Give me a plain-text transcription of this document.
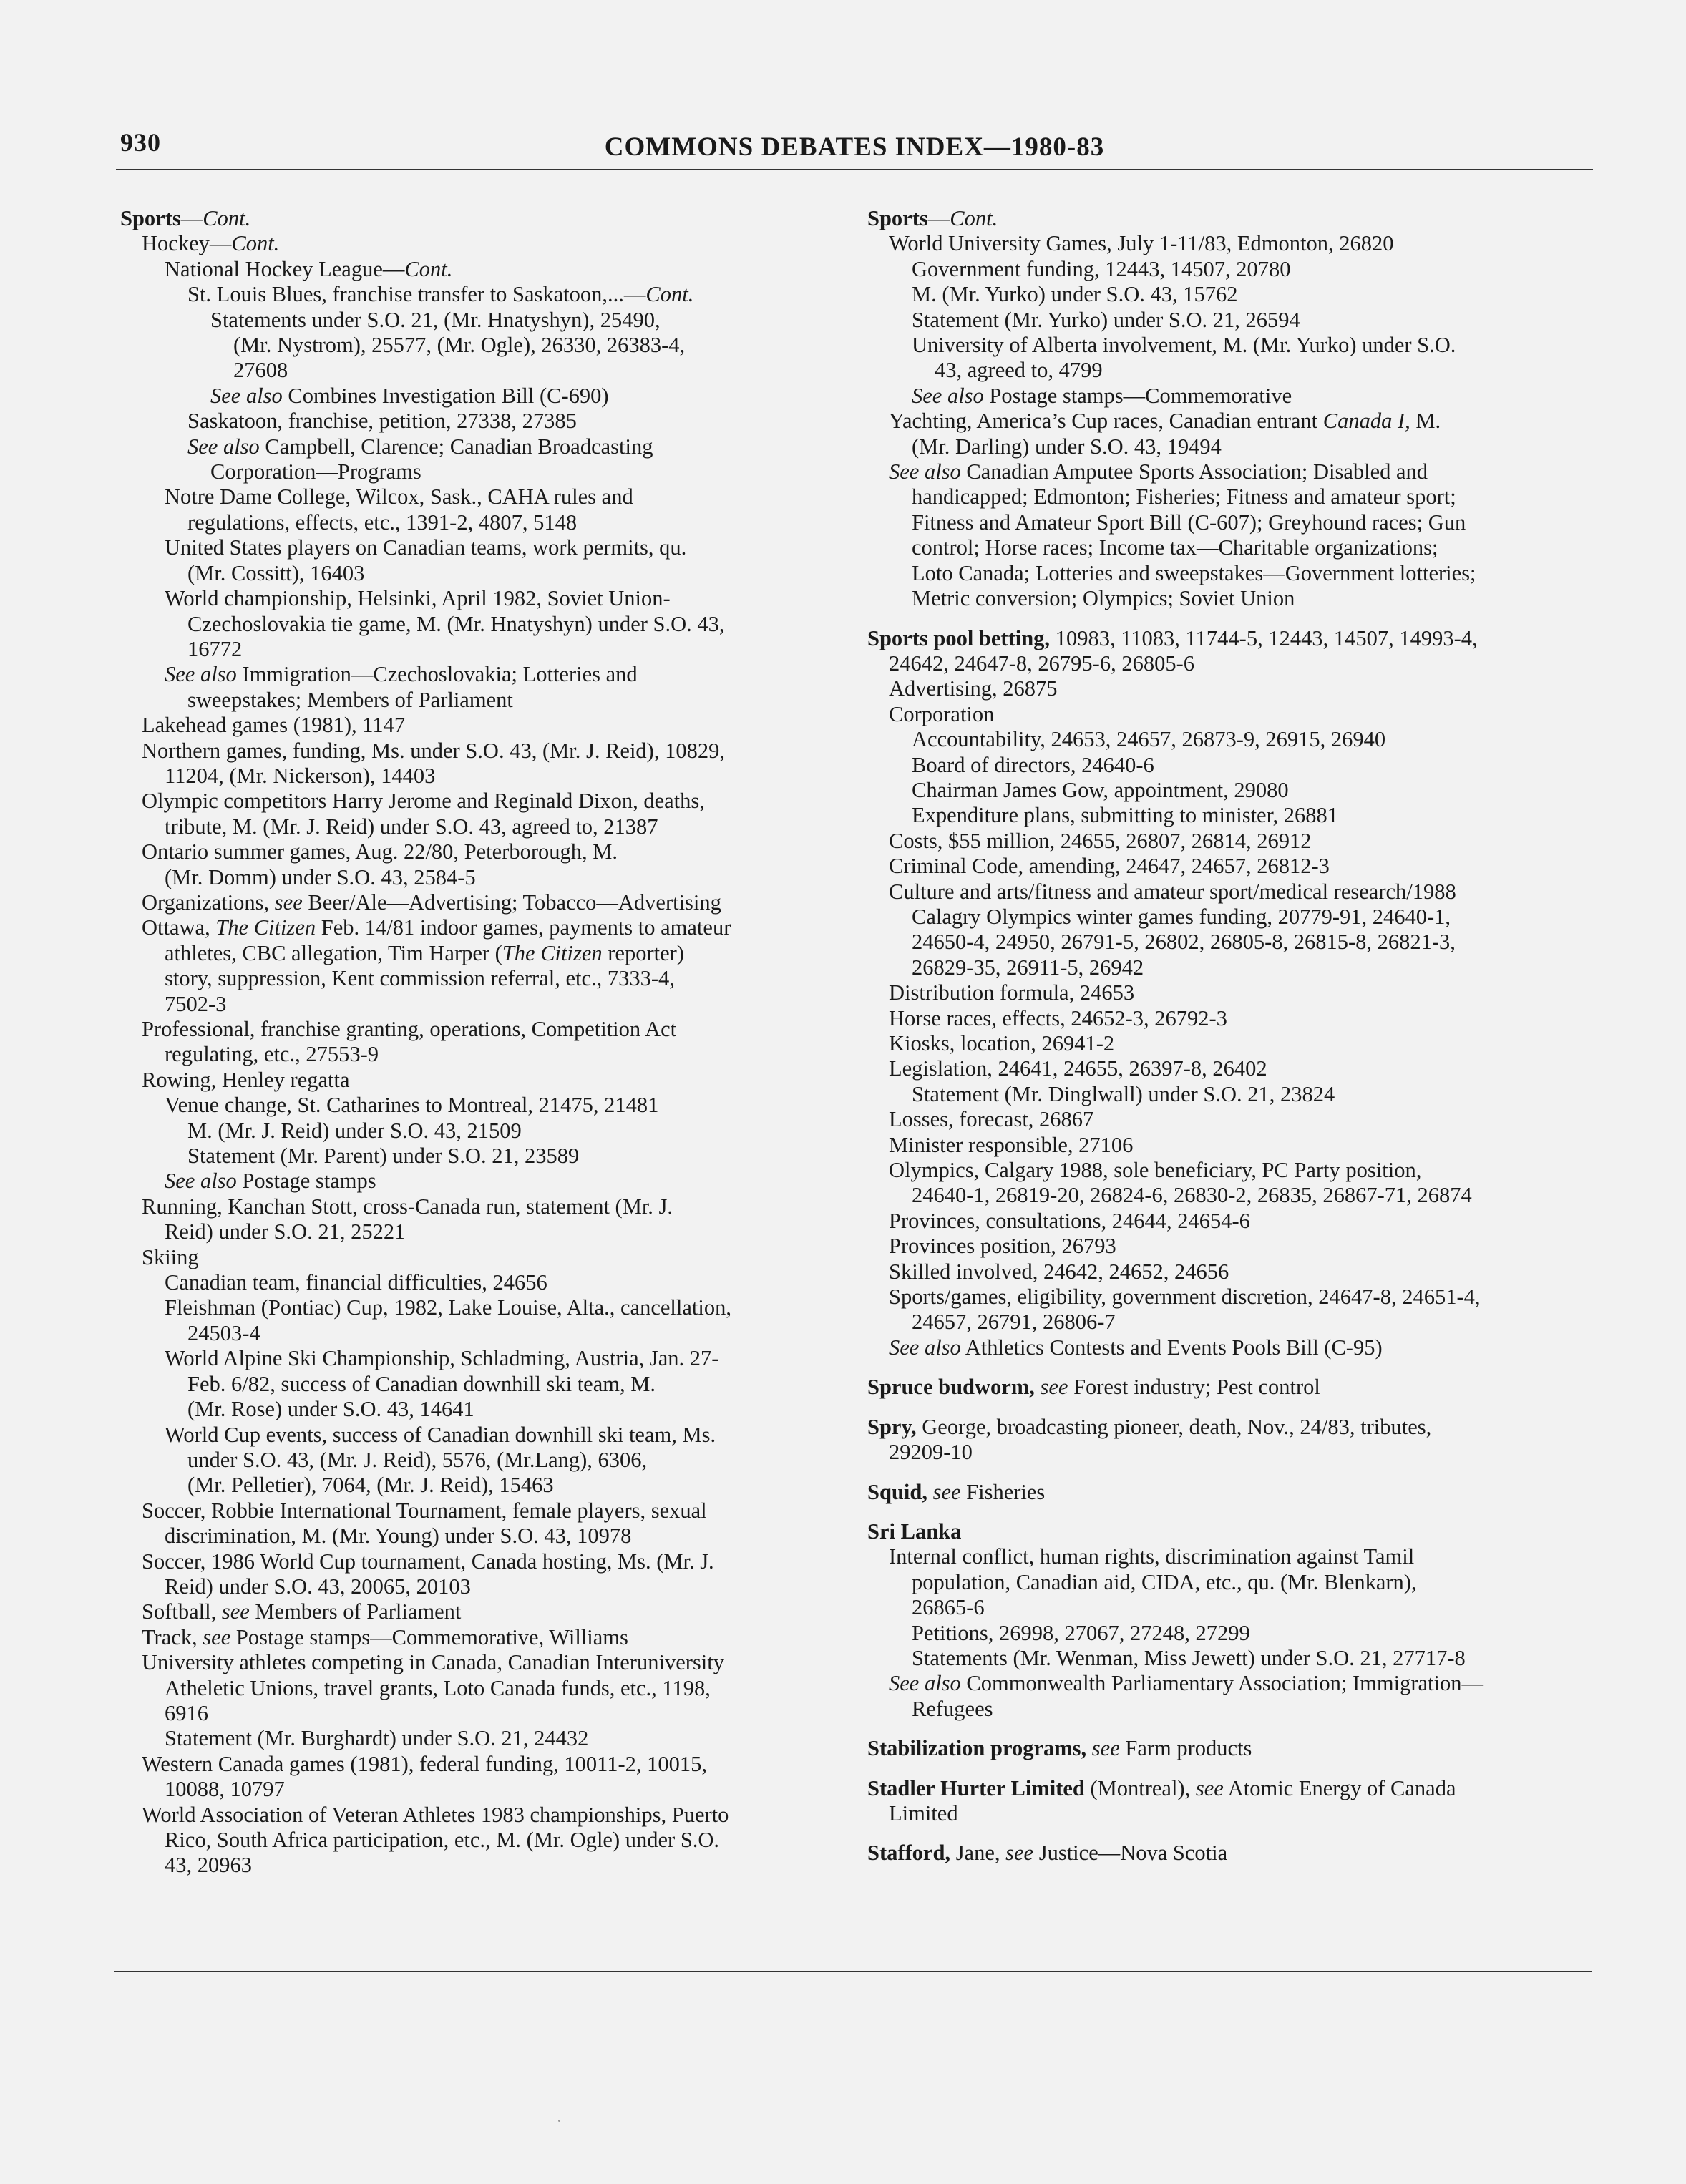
930	COMMONS DEBATES INDEX—1980-83
Sports—Cont.
Hockey—Cont.
National Hockey League—Cont.
St. Louis Blues, franchise transfer to Saskatoon,...—Cont.
Statements under S.O. 21, (Mr. Hnatyshyn), 25490,
(Mr. Nystrom), 25577, (Mr. Ogle), 26330, 26383-4,
27608
See also Combines Investigation Bill (C-690)
Saskatoon, franchise, petition, 27338, 27385
See also Campbell, Clarence; Canadian Broadcasting
Corporation—Programs
Notre Dame College, Wilcox, Sask., CAHA rules and
regulations, effects, etc., 1391-2, 4807, 5148
United States players on Canadian teams, work permits, qu.
(Mr. Cossitt), 16403
World championship, Helsinki, April 1982, Soviet Union-
Czechoslovakia tie game, M. (Mr. Hnatyshyn) under S.O. 43,
16772
See also Immigration—Czechoslovakia; Lotteries and
sweepstakes; Members of Parliament
Lakehead games (1981), 1147
Northern games, funding, Ms. under S.O. 43, (Mr. J. Reid), 10829,
11204, (Mr. Nickerson), 14403
Olympic competitors Harry Jerome and Reginald Dixon, deaths,
tribute, M. (Mr. J. Reid) under S.O. 43, agreed to, 21387
Ontario summer games, Aug. 22/80, Peterborough, M.
(Mr. Domm) under S.O. 43, 2584-5
Organizations, see Beer/Ale—Advertising; Tobacco—Advertising
Ottawa, The Citizen Feb. 14/81 indoor games, payments to amateur
athletes, CBC allegation, Tim Harper (The Citizen reporter)
story, suppression, Kent commission referral, etc., 7333-4,
7502-3
Professional, franchise granting, operations, Competition Act
regulating, etc., 27553-9
Rowing, Henley regatta
Venue change, St. Catharines to Montreal, 21475, 21481
M. (Mr. J. Reid) under S.O. 43, 21509
Statement (Mr. Parent) under S.O. 21, 23589
See also Postage stamps
Running, Kanchan Stott, cross-Canada run, statement (Mr. J.
Reid) under S.O. 21, 25221
Skiing
Canadian team, financial difficulties, 24656
Fleishman (Pontiac) Cup, 1982, Lake Louise, Alta., cancellation,
24503-4
World Alpine Ski Championship, Schladming, Austria, Jan. 27-
Feb. 6/82, success of Canadian downhill ski team, M.
(Mr. Rose) under S.O. 43, 14641
World Cup events, success of Canadian downhill ski team, Ms.
under S.O. 43, (Mr. J. Reid), 5576, (Mr.Lang), 6306,
(Mr. Pelletier), 7064, (Mr. J. Reid), 15463
Soccer, Robbie International Tournament, female players, sexual
discrimination, M. (Mr. Young) under S.O. 43, 10978
Soccer, 1986 World Cup tournament, Canada hosting, Ms. (Mr. J.
Reid) under S.O. 43, 20065, 20103
Softball, see Members of Parliament
Track, see Postage stamps—Commemorative, Williams
University athletes competing in Canada, Canadian Interuniversity
Atheletic Unions, travel grants, Loto Canada funds, etc., 1198,
6916
Statement (Mr. Burghardt) under S.O. 21, 24432
Western Canada games (1981), federal funding, 10011-2, 10015,
10088, 10797
World Association of Veteran Athletes 1983 championships, Puerto
Rico, South Africa participation, etc., M. (Mr. Ogle) under S.O.
43, 20963
Sports—Cont.
World University Games, July 1-11/83, Edmonton, 26820
Government funding, 12443, 14507, 20780
M. (Mr. Yurko) under S.O. 43, 15762
Statement (Mr. Yurko) under S.O. 21, 26594
University of Alberta involvement, M. (Mr. Yurko) under S.O.
43, agreed to, 4799
See also Postage stamps—Commemorative
Yachting, America’s Cup races, Canadian entrant Canada I, M.
(Mr. Darling) under S.O. 43, 19494
See also Canadian Amputee Sports Association; Disabled and
handicapped; Edmonton; Fisheries; Fitness and amateur sport;
Fitness and Amateur Sport Bill (C-607); Greyhound races; Gun
control; Horse races; Income tax—Charitable organizations;
Loto Canada; Lotteries and sweepstakes—Government lotteries;
Metric conversion; Olympics; Soviet Union
Sports pool betting, 10983, 11083, 11744-5, 12443, 14507, 14993-4,
24642, 24647-8, 26795-6, 26805-6
Advertising, 26875
Corporation
Accountability, 24653, 24657, 26873-9, 26915, 26940
Board of directors, 24640-6
Chairman James Gow, appointment, 29080
Expenditure plans, submitting to minister, 26881
Costs, $55 million, 24655, 26807, 26814, 26912
Criminal Code, amending, 24647, 24657, 26812-3
Culture and arts/fitness and amateur sport/medical research/1988
Calagry Olympics winter games funding, 20779-91, 24640-1,
24650-4, 24950, 26791-5, 26802, 26805-8, 26815-8, 26821-3,
26829-35, 26911-5, 26942
Distribution formula, 24653
Horse races, effects, 24652-3, 26792-3
Kiosks, location, 26941-2
Legislation, 24641, 24655, 26397-8, 26402
Statement (Mr. Dinglwall) under S.O. 21, 23824
Losses, forecast, 26867
Minister responsible, 27106
Olympics, Calgary 1988, sole beneficiary, PC Party position,
24640-1, 26819-20, 26824-6, 26830-2, 26835, 26867-71, 26874
Provinces, consultations, 24644, 24654-6
Provinces position, 26793
Skilled involved, 24642, 24652, 24656
Sports/games, eligibility, government discretion, 24647-8, 24651-4,
24657, 26791, 26806-7
See also Athletics Contests and Events Pools Bill (C-95)
Spruce budworm, see Forest industry; Pest control
Spry, George, broadcasting pioneer, death, Nov., 24/83, tributes,
29209-10
Squid, see Fisheries
Sri Lanka
Internal conflict, human rights, discrimination against Tamil
population, Canadian aid, CIDA, etc., qu. (Mr. Blenkarn),
26865-6
Petitions, 26998, 27067, 27248, 27299
Statements (Mr. Wenman, Miss Jewett) under S.O. 21, 27717-8
See also Commonwealth Parliamentary Association; Immigration—
Refugees
Stabilization programs, see Farm products
Stadler Hurter Limited (Montreal), see Atomic Energy of Canada
Limited
Stafford, Jane, see Justice—Nova Scotia
